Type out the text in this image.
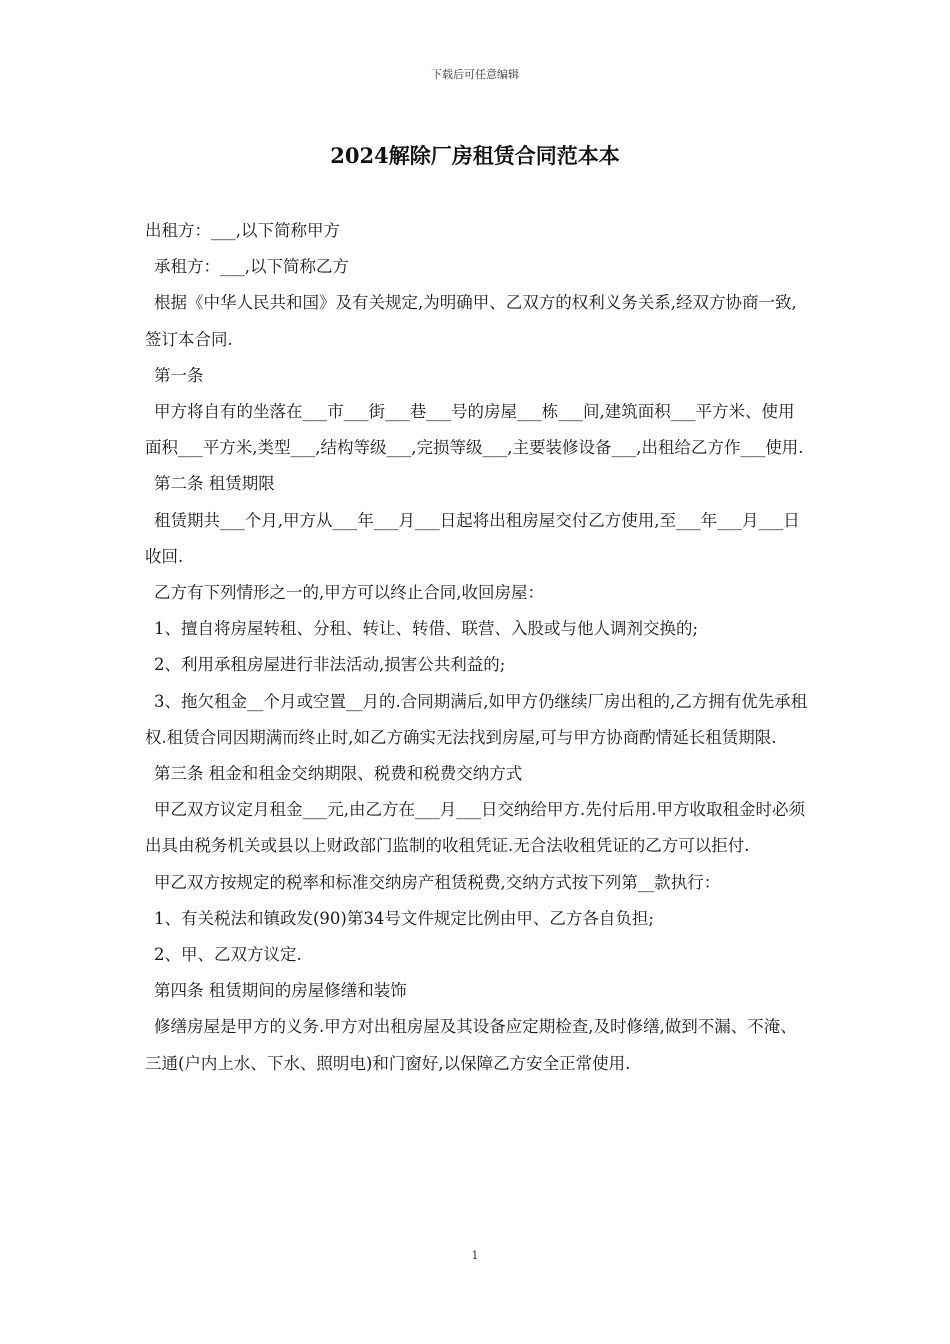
下载后可任意编辑
2024解除厂房租赁合同范本本

出租方：___,以下简称甲方

承租方：___,以下简称乙方

根据《中华人民共和国》及有关规定,为明确甲、乙双方的权利义务关系,经双方协商一致,签订本合同.

第一条

甲方将自有的坐落在___市___街___巷___号的房屋___栋___间,建筑面积___平方米、使用面积___平方米,类型___,结构等级___,完损等级___,主要装修设备___,出租给乙方作___使用.

第二条 租赁期限

租赁期共___个月,甲方从___年___月___日起将出租房屋交付乙方使用,至___年___月___日收回.

乙方有下列情形之一的,甲方可以终止合同,收回房屋：

1、擅自将房屋转租、分租、转让、转借、联营、入股或与他人调剂交换的;

2、利用承租房屋进行非法活动,损害公共利益的;

3、拖欠租金__个月或空置__月的.合同期满后,如甲方仍继续厂房出租的,乙方拥有优先承租权.租赁合同因期满而终止时,如乙方确实无法找到房屋,可与甲方协商酌情延长租赁期限.

第三条 租金和租金交纳期限、税费和税费交纳方式

甲乙双方议定月租金___元,由乙方在___月___日交纳给甲方.先付后用.甲方收取租金时必须出具由税务机关或县以上财政部门监制的收租凭证.无合法收租凭证的乙方可以拒付.

甲乙双方按规定的税率和标准交纳房产租赁税费,交纳方式按下列第__款执行：

1、有关税法和镇政发(90)第34号文件规定比例由甲、乙方各自负担;

2、甲、乙双方议定.

第四条 租赁期间的房屋修缮和装饰

修缮房屋是甲方的义务.甲方对出租房屋及其设备应定期检查,及时修缮,做到不漏、不淹、三通(户内上水、下水、照明电)和门窗好,以保障乙方安全正常使用.

1
